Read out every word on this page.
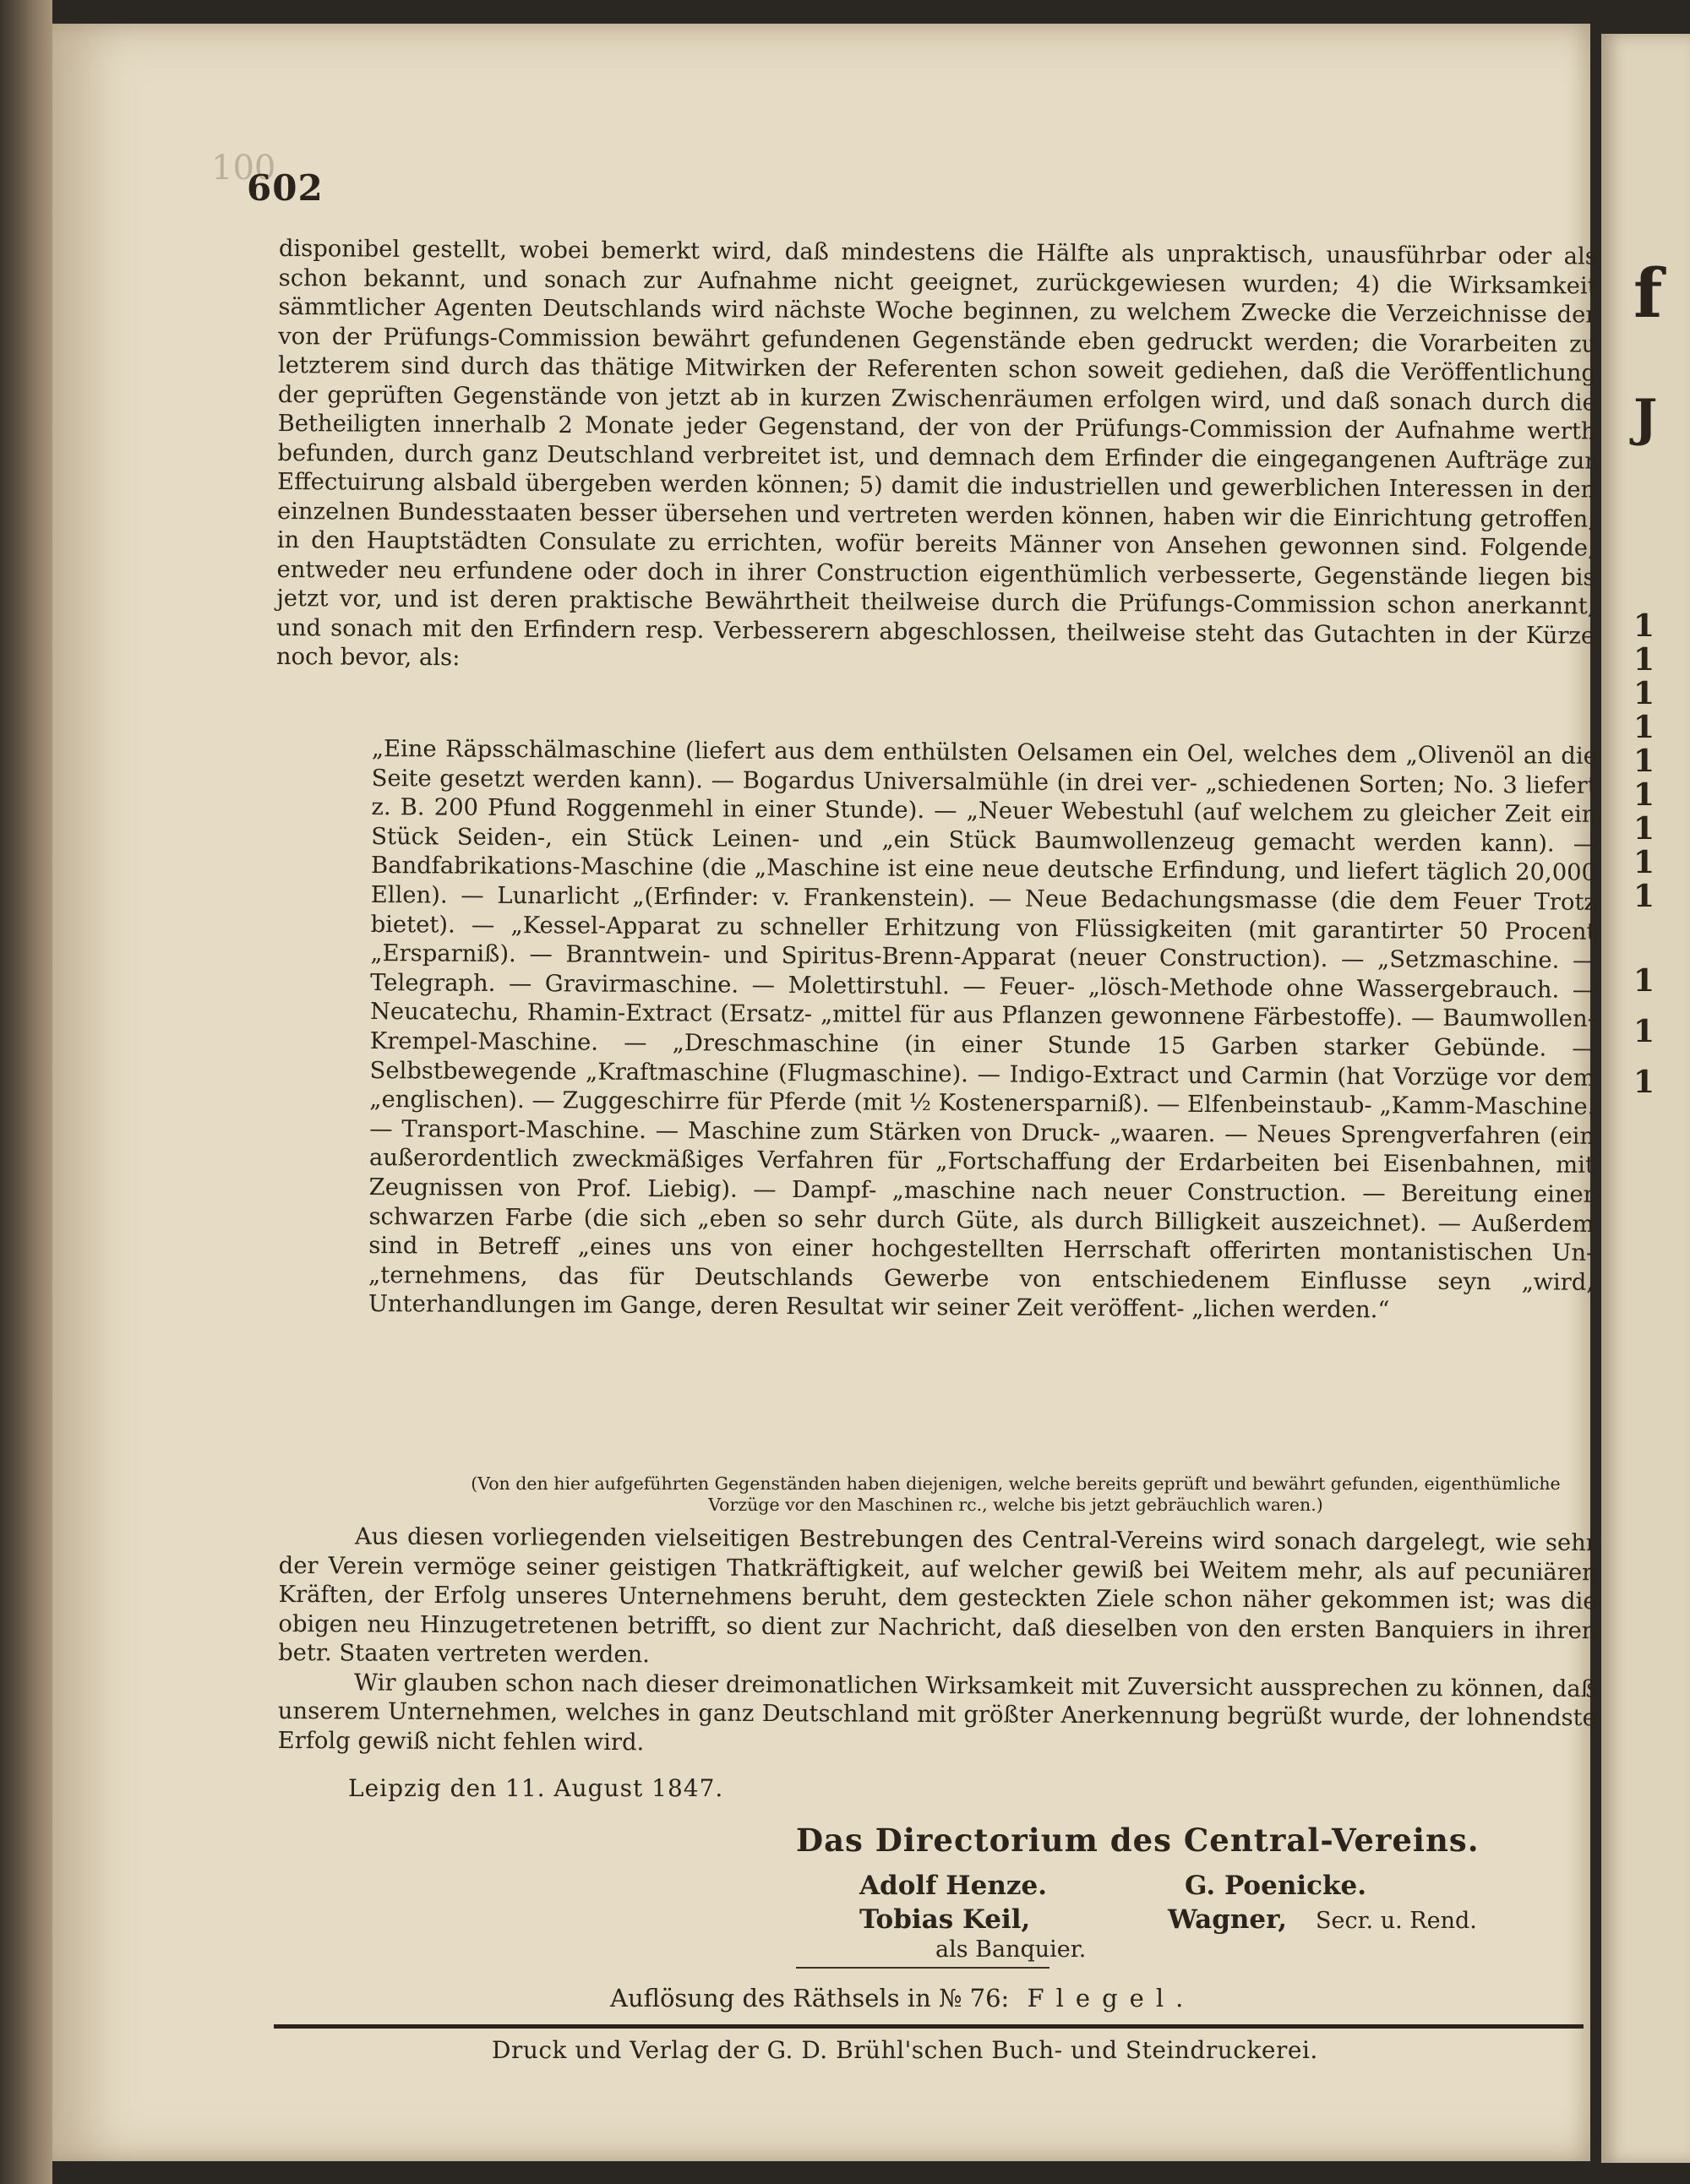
100
602

disponibel gestellt, wobei bemerkt wird, daß mindestens die Hälfte als unpraktisch, unausführbar oder als schon bekannt, und sonach zur Aufnahme nicht geeignet, zurückgewiesen wurden; 4) die Wirksamkeit sämmtlicher Agenten Deutschlands wird nächste Woche beginnen, zu welchem Zwecke die Verzeichnisse der von der Prüfungs-Commission bewährt gefundenen Gegenstände eben gedruckt werden; die Vorarbeiten zu letzterem sind durch das thätige Mitwirken der Referenten schon soweit gediehen, daß die Veröffentlichung der geprüften Gegenstände von jetzt ab in kurzen Zwischenräumen erfolgen wird, und daß sonach durch die Betheiligten innerhalb 2 Monate jeder Gegenstand, der von der Prüfungs-Commission der Aufnahme werth befunden, durch ganz Deutschland verbreitet ist, und demnach dem Erfinder die eingegangenen Aufträge zur Effectuirung alsbald übergeben werden können; 5) damit die industriellen und gewerblichen Interessen in den einzelnen Bundesstaaten besser übersehen und vertreten werden können, haben wir die Einrichtung getroffen, in den Hauptstädten Consulate zu errichten, wofür bereits Männer von Ansehen gewonnen sind. Folgende, entweder neu erfundene oder doch in ihrer Construction eigenthümlich verbesserte, Gegenstände liegen bis jetzt vor, und ist deren praktische Bewährtheit theilweise durch die Prüfungs-Commission schon anerkannt, und sonach mit den Erfindern resp. Verbesserern abgeschlossen, theilweise steht das Gutachten in der Kürze noch bevor, als:

„Eine Räpsschälmaschine (liefert aus dem enthülsten Oelsamen ein Oel, welches dem „Olivenöl an die Seite gesetzt werden kann). — Bogardus Universalmühle (in drei ver- „schiedenen Sorten; No. 3 liefert z. B. 200 Pfund Roggenmehl in einer Stunde). — „Neuer Webestuhl (auf welchem zu gleicher Zeit ein Stück Seiden-, ein Stück Leinen- und „ein Stück Baumwollenzeug gemacht werden kann). — Bandfabrikations-Maschine (die „Maschine ist eine neue deutsche Erfindung, und liefert täglich 20,000 Ellen). — Lunarlicht „(Erfinder: v. Frankenstein). — Neue Bedachungsmasse (die dem Feuer Trotz bietet). — „Kessel-Apparat zu schneller Erhitzung von Flüssigkeiten (mit garantirter 50 Procent „Ersparniß). — Branntwein- und Spiritus-Brenn-Apparat (neuer Construction). — „Setzmaschine. — Telegraph. — Gravirmaschine. — Molettirstuhl. — Feuer- „lösch-Methode ohne Wassergebrauch. — Neucatechu, Rhamin-Extract (Ersatz- „mittel für aus Pflanzen gewonnene Färbestoffe). — Baumwollen-Krempel-Maschine. — „Dreschmaschine (in einer Stunde 15 Garben starker Gebünde. — Selbstbewegende „Kraftmaschine (Flugmaschine). — Indigo-Extract und Carmin (hat Vorzüge vor dem „englischen). — Zuggeschirre für Pferde (mit ½ Kostenersparniß). — Elfenbeinstaub- „Kamm-Maschine. — Transport-Maschine. — Maschine zum Stärken von Druck- „waaren. — Neues Sprengverfahren (ein außerordentlich zweckmäßiges Verfahren für „Fortschaffung der Erdarbeiten bei Eisenbahnen, mit Zeugnissen von Prof. Liebig). — Dampf- „maschine nach neuer Construction. — Bereitung einer schwarzen Farbe (die sich „eben so sehr durch Güte, als durch Billigkeit auszeichnet). — Außerdem sind in Betreff „eines uns von einer hochgestellten Herrschaft offerirten montanistischen Un- „ternehmens, das für Deutschlands Gewerbe von entschiedenem Einflusse seyn „wird, Unterhandlungen im Gange, deren Resultat wir seiner Zeit veröffent- „lichen werden.“
(Von den hier aufgeführten Gegenständen haben diejenigen, welche bereits geprüft und bewährt gefunden, eigenthümliche Vorzüge vor den Maschinen rc., welche bis jetzt gebräuchlich waren.)

Aus diesen vorliegenden vielseitigen Bestrebungen des Central-Vereins wird sonach dargelegt, wie sehr der Verein vermöge seiner geistigen Thatkräftigkeit, auf welcher gewiß bei Weitem mehr, als auf pecuniären Kräften, der Erfolg unseres Unternehmens beruht, dem gesteckten Ziele schon näher gekommen ist; was die obigen neu Hinzugetretenen betrifft, so dient zur Nachricht, daß dieselben von den ersten Banquiers in ihren betr. Staaten vertreten werden.

Wir glauben schon nach dieser dreimonatlichen Wirksamkeit mit Zuversicht aussprechen zu können, daß unserem Unternehmen, welches in ganz Deutschland mit größter Anerkennung begrüßt wurde, der lohnendste Erfolg gewiß nicht fehlen wird.

Leipzig den 11. August 1847.
Das Directorium des Central-Vereins.
Adolf Henze.	G. Poenicke.
Tobias Keil,	Wagner, Secr. u. Rend.
als Banquier.
Auflösung des Räthsels in № 76: Flegel.
Druck und Verlag der G. D. Brühl'schen Buch- und Steindruckerei.
f
J
1
1
1
1
1
1
1
1
1
1
1
1
